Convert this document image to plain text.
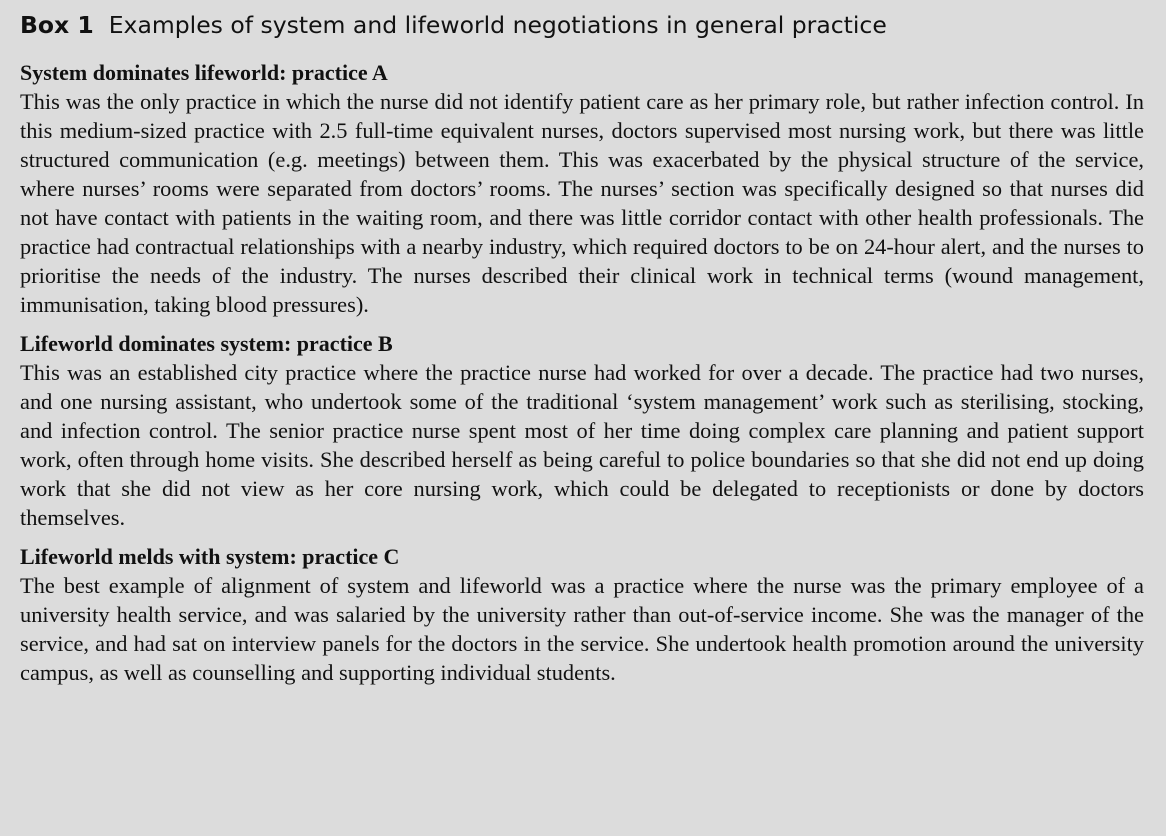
Box 1 Examples of system and lifeworld negotiations in general practice

System dominates lifeworld: practice A

This was the only practice in which the nurse did not identify patient care as her primary role, but rather infection control. In this medium-sized practice with 2.5 full-time equivalent nurses, doctors supervised most nursing work, but there was little structured communication (e.g. meetings) between them. This was exacerbated by the physical structure of the service, where nurses’ rooms were separated from doctors’ rooms. The nurses’ section was specifically designed so that nurses did not have contact with patients in the waiting room, and there was little corridor contact with other health professionals. The practice had contractual relationships with a nearby industry, which required doctors to be on 24-hour alert, and the nurses to prioritise the needs of the industry. The nurses described their clinical work in technical terms (wound management, immunisation, taking blood pressures).

Lifeworld dominates system: practice B

This was an established city practice where the practice nurse had worked for over a decade. The practice had two nurses, and one nursing assistant, who undertook some of the traditional ‘system management’ work such as sterilising, stocking, and infection control. The senior practice nurse spent most of her time doing complex care planning and patient support work, often through home visits. She described herself as being careful to police boundaries so that she did not end up doing work that she did not view as her core nursing work, which could be delegated to receptionists or done by doctors themselves.

Lifeworld melds with system: practice C

The best example of alignment of system and lifeworld was a practice where the nurse was the primary employee of a university health service, and was salaried by the university rather than out-of-service income. She was the manager of the service, and had sat on interview panels for the doctors in the service. She undertook health promotion around the university campus, as well as counselling and supporting individual students.
